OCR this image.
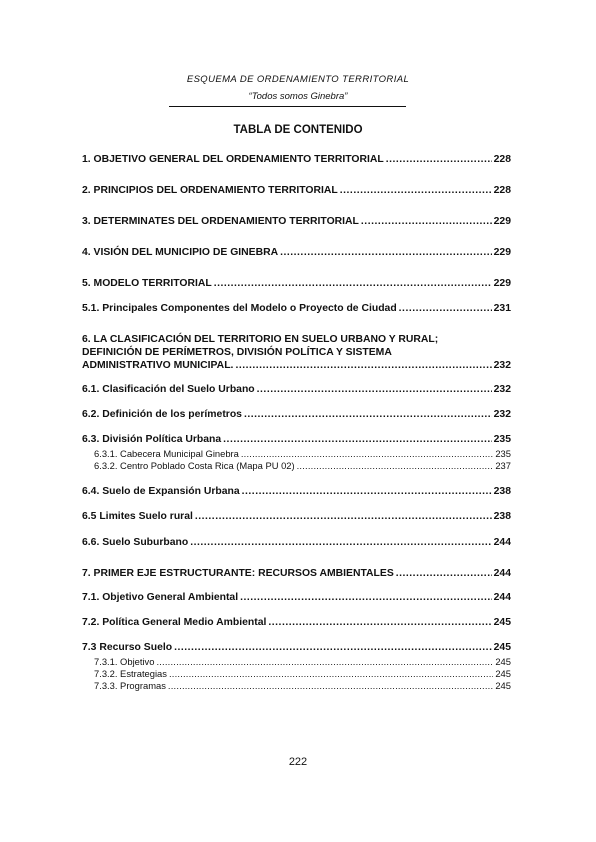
ESQUEMA DE ORDENAMIENTO TERRITORIAL
“Todos somos Ginebra”
TABLA DE CONTENIDO
1. OBJETIVO GENERAL DEL ORDENAMIENTO TERRITORIAL .....	228
2. PRINCIPIOS DEL ORDENAMIENTO TERRITORIAL .....	228
3. DETERMINATES DEL ORDENAMIENTO TERRITORIAL .....	229
4. VISIÓN DEL MUNICIPIO DE GINEBRA .....	229
5. MODELO TERRITORIAL .....	229
5.1. Principales Componentes del Modelo o Proyecto de Ciudad .....	231
6. LA CLASIFICACIÓN DEL TERRITORIO EN SUELO URBANO Y RURAL;
DEFINICIÓN DE PERÍMETROS, DIVISIÓN POLÍTICA Y SISTEMA
ADMINISTRATIVO MUNICIPAL. .....	232
6.1. Clasificación del Suelo Urbano .....	232
6.2. Definición de los perímetros .....	232
6.3. División Política Urbana .....	235
6.3.1. Cabecera Municipal Ginebra .....	235
6.3.2. Centro Poblado Costa Rica (Mapa PU 02) .....	237
6.4. Suelo de Expansión Urbana .....	238
6.5 Limites Suelo rural .....	238
6.6. Suelo Suburbano .....	244
7. PRIMER EJE ESTRUCTURANTE: RECURSOS AMBIENTALES .....	244
7.1. Objetivo General Ambiental .....	244
7.2. Política General Medio Ambiental .....	245
7.3 Recurso Suelo .....	245
7.3.1. Objetivo .....	245
7.3.2. Estrategias .....	245
7.3.3. Programas .....	245
222
